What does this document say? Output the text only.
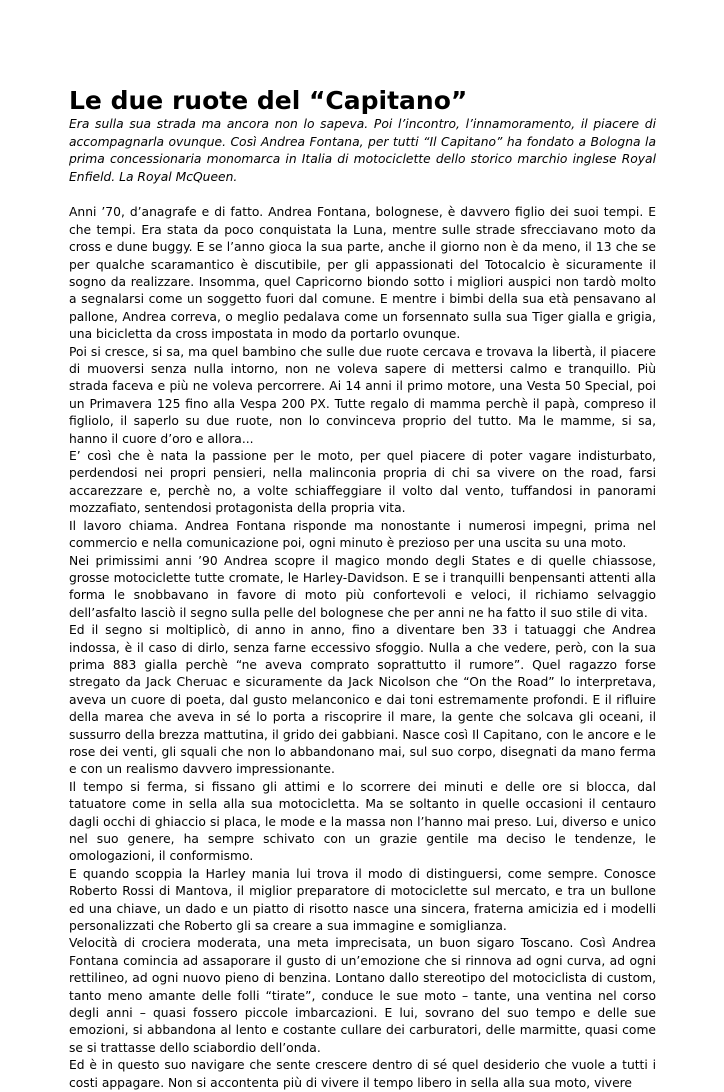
Le due ruote del “Capitano”

Era sulla sua strada ma ancora non lo sapeva. Poi l’incontro, l’innamoramento, il piacere di accompagnarla ovunque. Così Andrea Fontana, per tutti “Il Capitano” ha fondato a Bologna la prima concessionaria monomarca in Italia di motociclette dello storico marchio inglese Royal Enfield. La Royal McQueen.

Anni ’70, d’anagrafe e di fatto. Andrea Fontana, bolognese, è davvero figlio dei suoi tempi. E che tempi. Era stata da poco conquistata la Luna, mentre sulle strade sfrecciavano moto da cross e dune buggy. E se l’anno gioca la sua parte, anche il giorno non è da meno, il 13 che se per qualche scaramantico è discutibile, per gli appassionati del Totocalcio è sicuramente il sogno da realizzare. Insomma, quel Capricorno biondo sotto i migliori auspici non tardò molto a segnalarsi come un soggetto fuori dal comune. E mentre i bimbi della sua età pensavano al pallone, Andrea correva, o meglio pedalava come un forsennato sulla sua Tiger gialla e grigia, una bicicletta da cross impostata in modo da portarlo ovunque.

Poi si cresce, si sa, ma quel bambino che sulle due ruote cercava e trovava la libertà, il piacere di muoversi senza nulla intorno, non ne voleva sapere di mettersi calmo e tranquillo. Più strada faceva e più ne voleva percorrere. Ai 14 anni il primo motore, una Vesta 50 Special, poi un Primavera 125 fino alla Vespa 200 PX. Tutte regalo di mamma perchè il papà, compreso il figliolo, il saperlo su due ruote, non lo convinceva proprio del tutto. Ma le mamme, si sa, hanno il cuore d’oro e allora...

E’ così che è nata la passione per le moto, per quel piacere di poter vagare indisturbato, perdendosi nei propri pensieri, nella malinconia propria di chi sa vivere on the road, farsi accarezzare e, perchè no, a volte schiaffeggiare il volto dal vento, tuffandosi in panorami mozzafiato, sentendosi protagonista della propria vita.

Il lavoro chiama. Andrea Fontana risponde ma nonostante i numerosi impegni, prima nel commercio e nella comunicazione poi, ogni minuto è prezioso per una uscita su una moto.

Nei primissimi anni ’90 Andrea scopre il magico mondo degli States e di quelle chiassose, grosse motociclette tutte cromate, le Harley-Davidson. E se i tranquilli benpensanti attenti alla forma le snobbavano in favore di moto più confortevoli e veloci, il richiamo selvaggio dell’asfalto lasciò il segno sulla pelle del bolognese che per anni ne ha fatto il suo stile di vita.

Ed il segno si moltiplicò, di anno in anno, fino a diventare ben 33 i tatuaggi che Andrea indossa, è il caso di dirlo, senza farne eccessivo sfoggio. Nulla a che vedere, però, con la sua prima 883 gialla perchè “ne aveva comprato soprattutto il rumore”. Quel ragazzo forse stregato da Jack Cheruac e sicuramente da Jack Nicolson che “On the Road” lo interpretava, aveva un cuore di poeta, dal gusto melanconico e dai toni estremamente profondi. E il rifluire della marea che aveva in sé lo porta a riscoprire il mare, la gente che solcava gli oceani, il sussurro della brezza mattutina, il grido dei gabbiani. Nasce così Il Capitano, con le ancore e le rose dei venti, gli squali che non lo abbandonano mai, sul suo corpo, disegnati da mano ferma e con un realismo davvero impressionante.

Il tempo si ferma, si fissano gli attimi e lo scorrere dei minuti e delle ore si blocca, dal tatuatore come in sella alla sua motocicletta. Ma se soltanto in quelle occasioni il centauro dagli occhi di ghiaccio si placa, le mode e la massa non l’hanno mai preso. Lui, diverso e unico nel suo genere, ha sempre schivato con un grazie gentile ma deciso le tendenze, le omologazioni, il conformismo.

E quando scoppia la Harley mania lui trova il modo di distinguersi, come sempre. Conosce Roberto Rossi di Mantova, il miglior preparatore di motociclette sul mercato, e tra un bullone ed una chiave, un dado e un piatto di risotto nasce una sincera, fraterna amicizia ed i modelli personalizzati che Roberto gli sa creare a sua immagine e somiglianza.

Velocità di crociera moderata, una meta imprecisata, un buon sigaro Toscano. Così Andrea Fontana comincia ad assaporare il gusto di un’emozione che si rinnova ad ogni curva, ad ogni rettilineo, ad ogni nuovo pieno di benzina. Lontano dallo stereotipo del motociclista di custom, tanto meno amante delle folli “tirate”, conduce le sue moto – tante, una ventina nel corso degli anni – quasi fossero piccole imbarcazioni. E lui, sovrano del suo tempo e delle sue emozioni, si abbandona al lento e costante cullare dei carburatori, delle marmitte, quasi come se si trattasse dello sciabordio dell’onda.

Ed è in questo suo navigare che sente crescere dentro di sé quel desiderio che vuole a tutti i costi appagare. Non si accontenta più di vivere il tempo libero in sella alla sua moto, vivere
